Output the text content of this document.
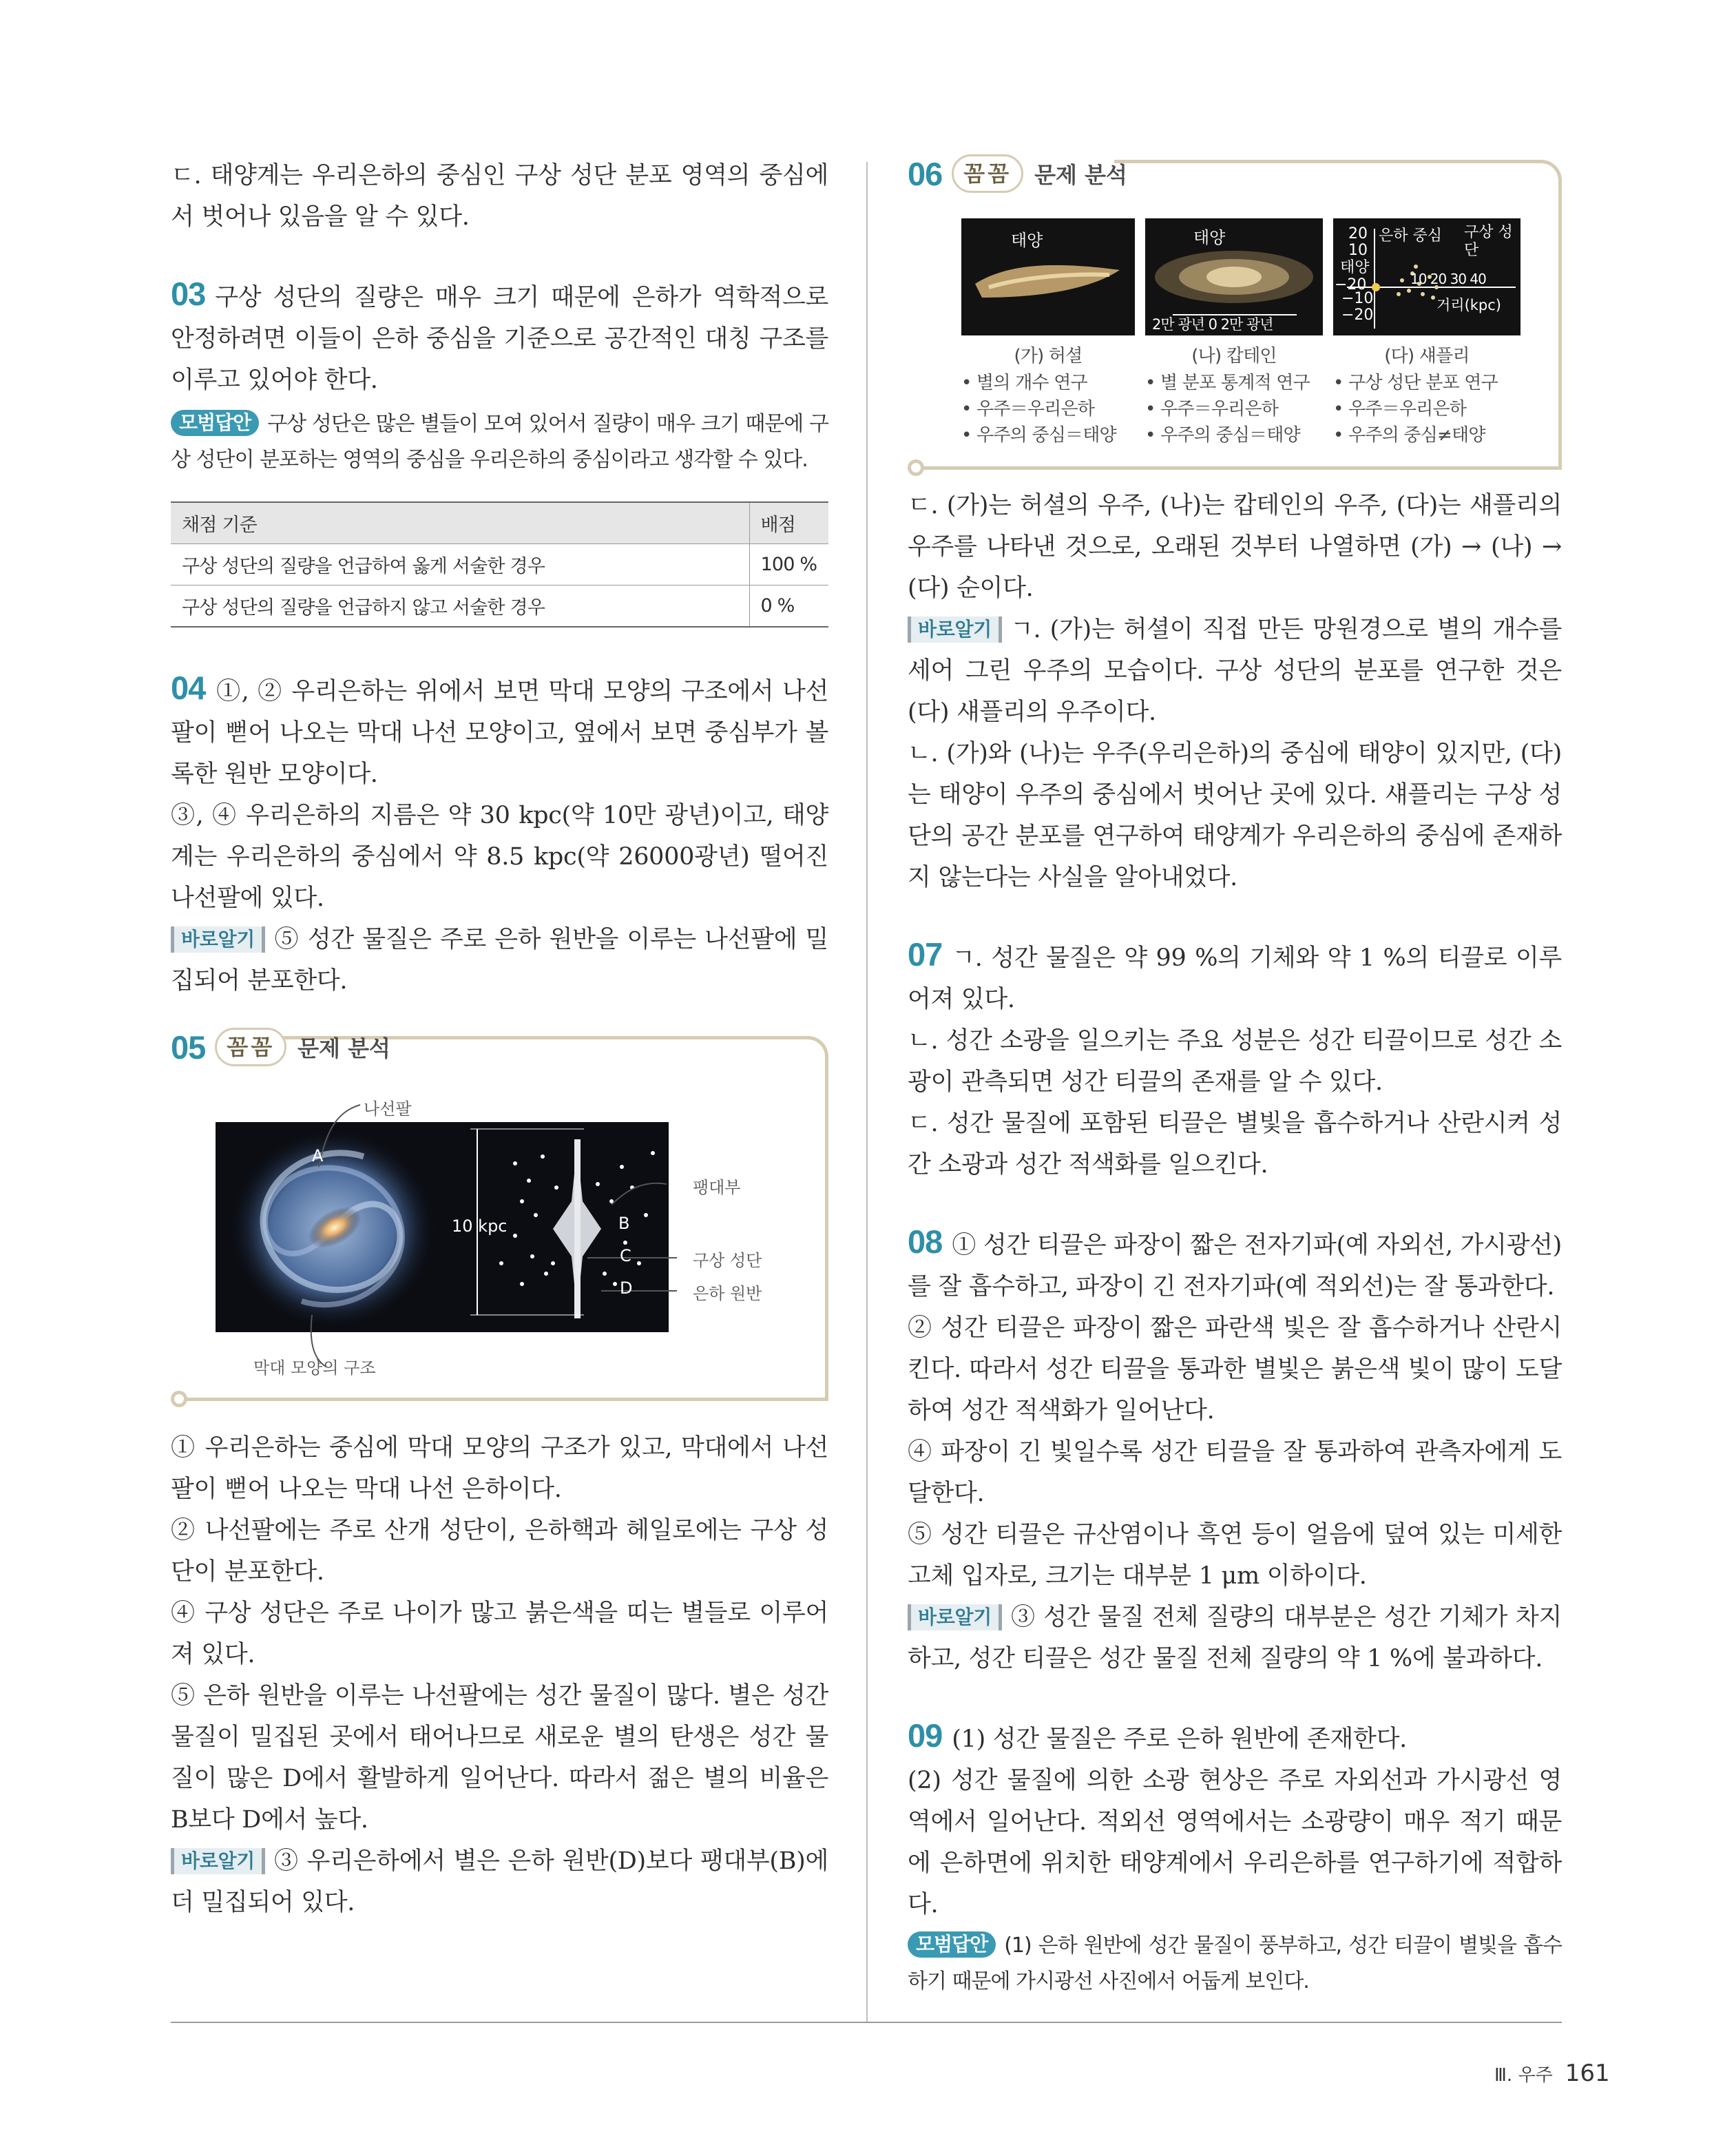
ㄷ. 태양계는 우리은하의 중심인 구상 성단 분포 영역의 중심에서 벗어나 있음을 알 수 있다.

03 구상 성단의 질량은 매우 크기 때문에 은하가 역학적으로 안정하려면 이들이 은하 중심을 기준으로 공간적인 대칭 구조를 이루고 있어야 한다.

모범답안 구상 성단은 많은 별들이 모여 있어서 질량이 매우 크기 때문에 구상 성단이 분포하는 영역의 중심을 우리은하의 중심이라고 생각할 수 있다.

채점 기준	배점
구상 성단의 질량을 언급하여 옳게 서술한 경우	100 %
구상 성단의 질량을 언급하지 않고 서술한 경우	0 %

04 ①, ② 우리은하는 위에서 보면 막대 모양의 구조에서 나선팔이 뻗어 나오는 막대 나선 모양이고, 옆에서 보면 중심부가 볼록한 원반 모양이다.

③, ④ 우리은하의 지름은 약 30 kpc(약 10만 광년)이고, 태양계는 우리은하의 중심에서 약 8.5 kpc(약 26000광년) 떨어진 나선팔에 있다.

바로알기 ⑤ 성간 물질은 주로 은하 원반을 이루는 나선팔에 밀집되어 분포한다.

05 꼼꼼	문제 분석
나선팔
A
10 kpc	B
C
D
팽대부
구상 성단
은하 원반
막대 모양의 구조

① 우리은하는 중심에 막대 모양의 구조가 있고, 막대에서 나선팔이 뻗어 나오는 막대 나선 은하이다.

② 나선팔에는 주로 산개 성단이, 은하핵과 헤일로에는 구상 성단이 분포한다.

④ 구상 성단은 주로 나이가 많고 붉은색을 띠는 별들로 이루어져 있다.

⑤ 은하 원반을 이루는 나선팔에는 성간 물질이 많다. 별은 성간 물질이 밀집된 곳에서 태어나므로 새로운 별의 탄생은 성간 물질이 많은 D에서 활발하게 일어난다. 따라서 젊은 별의 비율은 B보다 D에서 높다.

바로알기 ③ 우리은하에서 별은 은하 원반(D)보다 팽대부(B)에 더 밀집되어 있다.

06 꼼꼼	문제 분석
태양
(가) 허셜
• 별의 개수 연구
• 우주＝우리은하
• 우주의 중심＝태양
태양
2만 광년 0 2만 광년
(나) 캅테인
• 별 분포 통계적 연구
• 우주＝우리은하
• 우주의 중심＝태양
20
10
태양
−20
−10
−20
은하 중심 구상 성단
10 20 30 40
거리(kpc)
(다) 섀플리
• 구상 성단 분포 연구
• 우주＝우리은하
• 우주의 중심≠태양

ㄷ. (가)는 허셜의 우주, (나)는 캅테인의 우주, (다)는 섀플리의 우주를 나타낸 것으로, 오래된 것부터 나열하면 (가) → (나) → (다) 순이다.

바로알기 ㄱ. (가)는 허셜이 직접 만든 망원경으로 별의 개수를 세어 그린 우주의 모습이다. 구상 성단의 분포를 연구한 것은 (다) 섀플리의 우주이다.

ㄴ. (가)와 (나)는 우주(우리은하)의 중심에 태양이 있지만, (다)는 태양이 우주의 중심에서 벗어난 곳에 있다. 섀플리는 구상 성단의 공간 분포를 연구하여 태양계가 우리은하의 중심에 존재하지 않는다는 사실을 알아내었다.

07 ㄱ. 성간 물질은 약 99 %의 기체와 약 1 %의 티끌로 이루어져 있다.

ㄴ. 성간 소광을 일으키는 주요 성분은 성간 티끌이므로 성간 소광이 관측되면 성간 티끌의 존재를 알 수 있다.

ㄷ. 성간 물질에 포함된 티끌은 별빛을 흡수하거나 산란시켜 성간 소광과 성간 적색화를 일으킨다.

08 ① 성간 티끌은 파장이 짧은 전자기파(예 자외선, 가시광선)를 잘 흡수하고, 파장이 긴 전자기파(예 적외선)는 잘 통과한다.

② 성간 티끌은 파장이 짧은 파란색 빛은 잘 흡수하거나 산란시킨다. 따라서 성간 티끌을 통과한 별빛은 붉은색 빛이 많이 도달하여 성간 적색화가 일어난다.

④ 파장이 긴 빛일수록 성간 티끌을 잘 통과하여 관측자에게 도달한다.

⑤ 성간 티끌은 규산염이나 흑연 등이 얼음에 덮여 있는 미세한 고체 입자로, 크기는 대부분 1 μm 이하이다.

바로알기 ③ 성간 물질 전체 질량의 대부분은 성간 기체가 차지하고, 성간 티끌은 성간 물질 전체 질량의 약 1 %에 불과하다.

09 (1) 성간 물질은 주로 은하 원반에 존재한다.

(2) 성간 물질에 의한 소광 현상은 주로 자외선과 가시광선 영역에서 일어난다. 적외선 영역에서는 소광량이 매우 적기 때문에 은하면에 위치한 태양계에서 우리은하를 연구하기에 적합하다.

모범답안 (1) 은하 원반에 성간 물질이 풍부하고, 성간 티끌이 별빛을 흡수하기 때문에 가시광선 사진에서 어둡게 보인다.

Ⅲ. 우주 161
